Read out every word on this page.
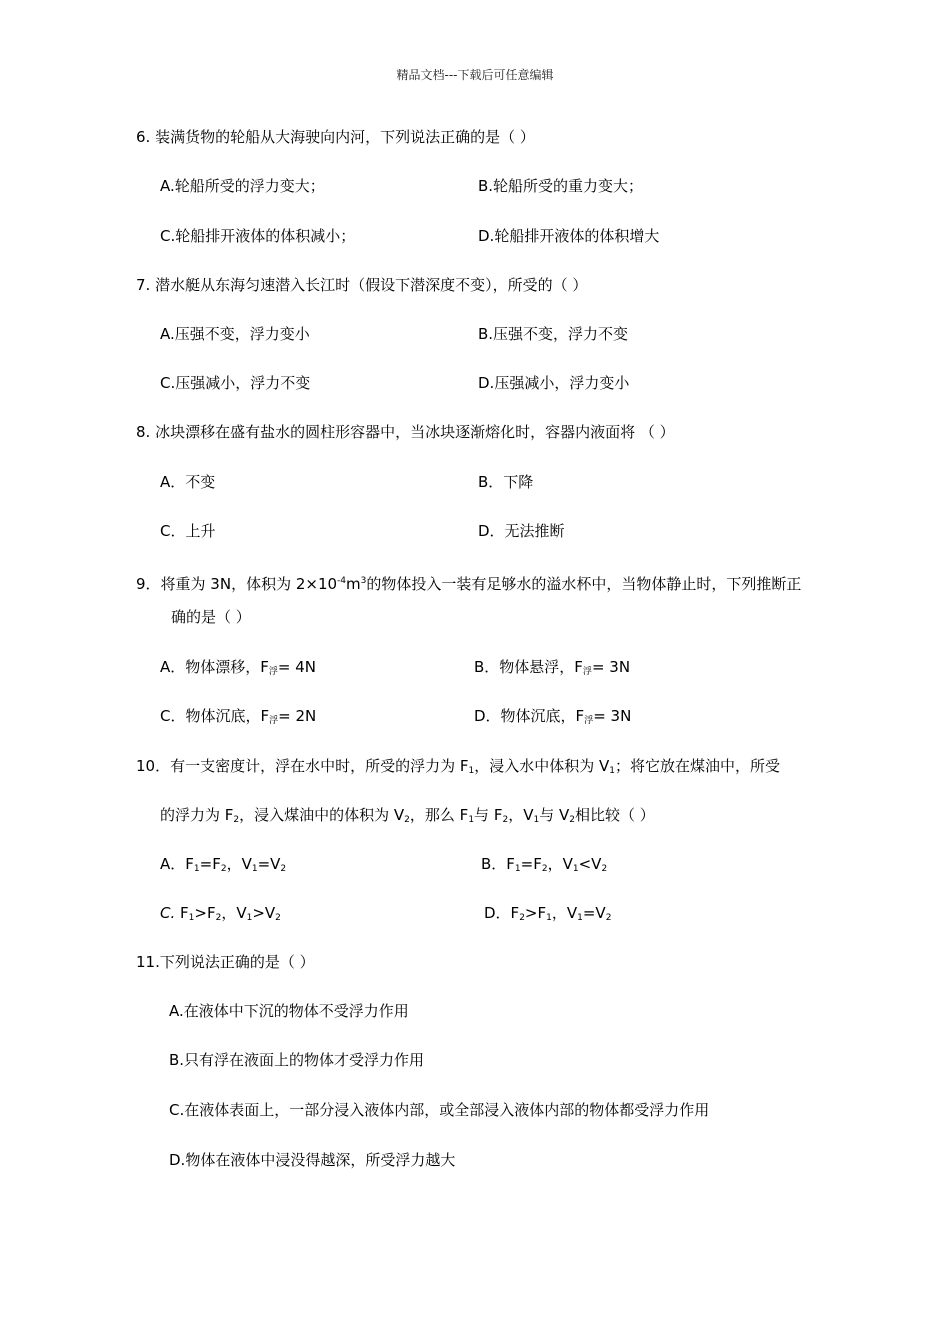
精品文档---下载后可任意编辑
6. 装满货物的轮船从大海驶向内河，下列说法正确的是（ ）
A.轮船所受的浮力变大；	B.轮船所受的重力变大；
C.轮船排开液体的体积减小；	D.轮船排开液体的体积增大
7. 潜水艇从东海匀速潜入长江时（假设下潜深度不变），所受的（ ）
A.压强不变，浮力变小	B.压强不变，浮力不变
C.压强减小，浮力不变	D.压强减小，浮力变小
8. 冰块漂移在盛有盐水的圆柱形容器中，当冰块逐渐熔化时，容器内液面将 （ ）
A．不变	B．下降
C．上升	D．无法推断
9．将重为 3N，体积为 $2\times 10^{-4}m^3$的物体投入一装有足够水的溢水杯中，当物体静止时，下列推断正
确的是（ ）
A．物体漂移，$F_浮= 4N$	B．物体悬浮，$F_浮= 3N$
C．物体沉底，$F_浮= 2N$	D．物体沉底，$F_浮= 3N$
10．有一支密度计，浮在水中时，所受的浮力为 $F_1$，浸入水中体积为 $V_1$；将它放在煤油中，所受
的浮力为 $F_2$，浸入煤油中的体积为 $V_2$，那么 $F_1$与 $F_2$，$V_1$与 $V_2$相比较（ ）
A．$F_1=F_2$，$V_1=V_2$	B．$F_1=F_2$，$V_1<V_2$
C. $F_1>F_2$，$V_1>V_2$	D．$F_2>F_1$，$V_1=V_2$
11.下列说法正确的是（ ）
A.在液体中下沉的物体不受浮力作用
B.只有浮在液面上的物体才受浮力作用
C.在液体表面上，一部分浸入液体内部，或全部浸入液体内部的物体都受浮力作用
D.物体在液体中浸没得越深，所受浮力越大
